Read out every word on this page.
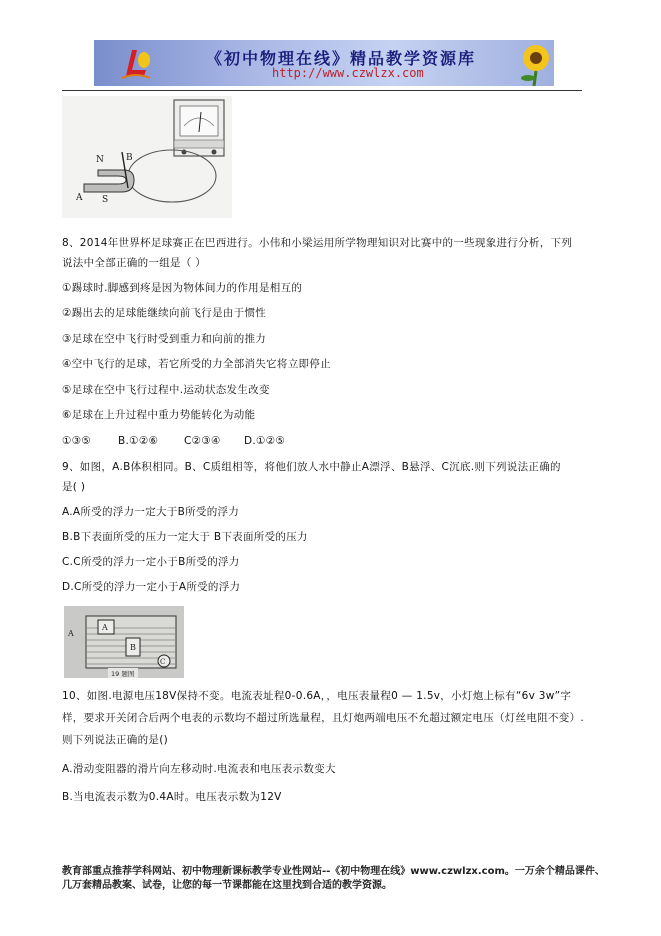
《初中物理在线》精品教学资源库
http://www.czwlzx.com
N B
A S
8、2014年世界杯足球赛正在巴西进行。小伟和小梁运用所学物理知识对比赛中的一些现象进行分析，下列
说法中全部正确的一组是（ ）
①踢球时.脚感到疼是因为物体间力的作用是相互的
②踢出去的足球能继续向前飞行是由于惯性
③足球在空中飞行时受到重力和向前的推力
④空中飞行的足球，若它所受的力全部消失它将立即停止
⑤足球在空中飞行过程中.运动状态发生改变
⑥足球在上升过程中重力势能转化为动能
①③⑤	B.①②⑥ C②③④ D.①②⑤
9、如图，A.B体积相同。B、C质组相等，将他们放人水中静止A漂浮、B悬浮、C沉底.则下列说法正确的
是( )
A.A所受的浮力一定大于B所受的浮力
B.B下表面所受的压力一定大于 B下表面所受的压力
C.C所受的浮力一定小于B所受的浮力
D.C所受的浮力一定小于A所受的浮力
A
A
B
C
19 题图
10、如图.电源电压18V保持不变。电流表址程0-0.6A，，电压表量程0 — 1.5v，小灯炮上标有“6v 3w”字
样，要求开关闭合后两个电表的示数均不超过所选量程，且灯炮两端电压不允超过额定电压（灯丝电阻不变）.
则下列说法正确的是()
A.滑动变阻器的滑片向左移动时.电流表和电压表示数变大
B.当电流表示数为0.4A时。电压表示数为12V
教育部重点推荐学科网站、初中物理新课标教学专业性网站--《初中物理在线》www.czwlzx.com。一万余个精品课件、
几万套精品教案、试卷，让您的每一节课都能在这里找到合适的教学资源。
